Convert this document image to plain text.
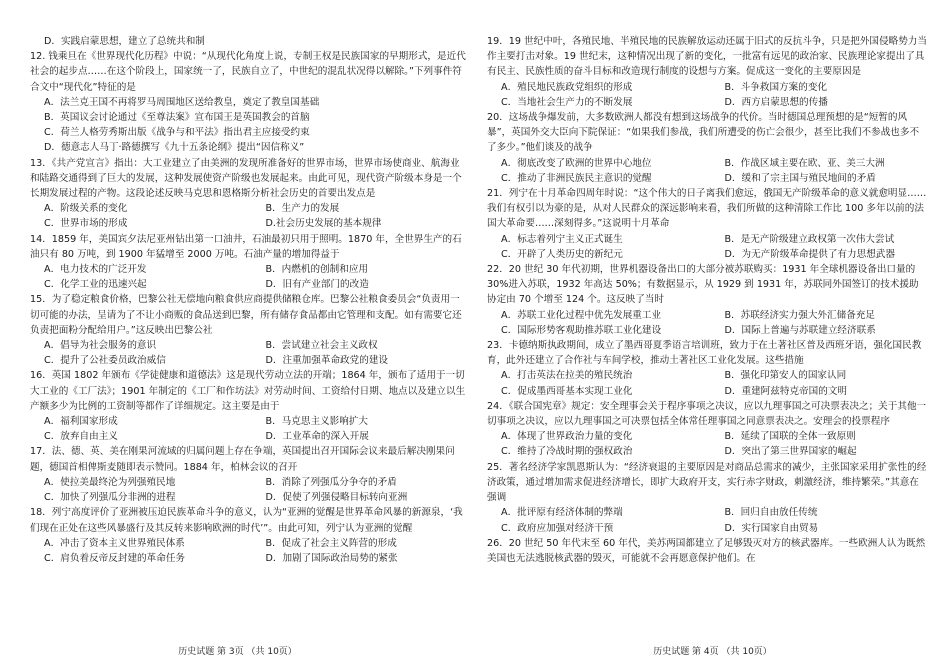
D．实践启蒙思想，建立了总统共和制

12. 钱乘旦在《世界现代化历程》中说：“从现代化角度上说，专制王权是民族国家的早期形式，是近代社会的起步点……在这个阶段上，国家统一了，民族自立了，中世纪的混乱状况得以解除。”下列事件符合文中“现代化”特征的是

A．法兰克王国不再将罗马周围地区送给教皇，奠定了教皇国基础
B．英国议会讨论通过《至尊法案》宣布国王是英国教会的首脑
C．荷兰人格劳秀斯出版《战争与和平法》指出君主应接受约束
D．德意志人马丁·路德撰写《九十五条论纲》提出“因信称义”

13．《共产党宣言》指出：大工业建立了由美洲的发现所准备好的世界市场，世界市场使商业、航海业和陆路交通得到了巨大的发展，这种发展使资产阶级也发展起来。由此可见，现代资产阶级本身是一个长期发展过程的产物。这段论述反映马克思和恩格斯分析社会历史的首要出发点是

A．阶级关系的变化	B．生产力的发展
C．世界市场的形成	D.社会历史发展的基本规律

14．1859 年，美国宾夕法尼亚州钻出第一口油井，石油最初只用于照明。1870 年，全世界生产的石油只有 80 万吨，到 1900 年猛增至 2000 万吨。石油产量的增加得益于

A．电力技术的广泛开发	B．内燃机的创制和应用
C．化学工业的迅速兴起	D．旧有产业部门的改造

15．为了稳定粮食价格，巴黎公社无偿地向粮食供应商提供储粮仓库。巴黎公社粮食委员会“负责用一切可能的办法，呈请为了不让小商贩的食品送到巴黎，所有储存食品都由它管理和支配。如有需要它还负责把面粉分配给用户。”这反映出巴黎公社

A．倡导为社会服务的意识	B．尝试建立社会主义政权
C．提升了公社委员政治威信	D．注重加强革命政党的建设

16．英国 1802 年颁布《学徒健康和道德法》这是现代劳动立法的开端；1864 年，颁布了适用于一切大工业的《工厂法》；1901 年制定的《工厂和作坊法》对劳动时间、工资给付日期、地点以及建立以生产额多少为比例的工资制等都作了详细规定。这主要是由于

A．福利国家形成	B．马克思主义影响扩大
C．放弃自由主义	D．工业革命的深入开展

17．法、德、英、美在刚果河流域的归属问题上存在争端，英国提出召开国际会议来最后解决刚果问题，德国首相俾斯麦随即表示赞同。1884 年，柏林会议的召开

A．使拉美最终沦为列强殖民地	B．消除了列强瓜分争夺的矛盾
C．加快了列强瓜分非洲的进程	D．促使了列强侵略目标转向亚洲

18．列宁高度评价了亚洲被压迫民族革命斗争的意义，认为“亚洲的觉醒是世界革命风暴的新源泉，‘我们现在正处在这些风暴盛行及其反转来影响欧洲的时代’”。由此可知，列宁认为亚洲的觉醒

A．冲击了资本主义世界殖民体系	B．促成了社会主义阵营的形成
C．肩负着反帝反封建的革命任务	D．加剧了国际政治局势的紧张
历史试题 第 3页 （共 10页）

19．19 世纪中叶，各殖民地、半殖民地的民族解放运动还属于旧式的反抗斗争，只是把外国侵略势力当作主要打击对象。19 世纪末，这种情况出现了新的变化，一批富有远见的政治家、民族理论家提出了具有民主、民族性质的奋斗目标和改造现行制度的设想与方案。促成这一变化的主要原因是

A．殖民地民族政党组织的形成	B．斗争救国方案的变化
C．当地社会生产力的不断发展	D．西方启蒙思想的传播

20．这场战争爆发前，大多数欧洲人都没有想到这场战争的代价。当时德国总理预想的是“短暂的风暴”，英国外交大臣向下院保证：“如果我们参战，我们所遭受的伤亡会很少，甚至比我们不参战也多不了多少。”他们谈及的战争

A．彻底改变了欧洲的世界中心地位	B．作战区域主要在欧、亚、美三大洲
C．推动了非洲民族民主意识的觉醒	D．缓和了宗主国与殖民地间的矛盾

21．列宁在十月革命四周年时说：“这个伟大的日子离我们愈远，俄国无产阶级革命的意义就愈明显……我们有权引以为豪的是，从对人民群众的深远影响来看，我们所做的这种清除工作比 100 多年以前的法国大革命要……深刻得多。”这说明十月革命

A．标志着列宁主义正式诞生	B．是无产阶级建立政权第一次伟大尝试
C．开辟了人类历史的新纪元	D．为无产阶级革命提供了有力思想武器

22．20 世纪 30 年代初期，世界机器设备出口的大部分被苏联购买：1931 年全球机器设备出口量的 30%进入苏联，1932 年高达 50%；有数据显示，从 1929 到 1931 年，苏联同外国签订的技术援助协定由 70 个增至 124 个。这反映了当时

A．苏联工业化过程中优先发展重工业	B．苏联经济实力强大外汇储备充足
C．国际形势客观助推苏联工业化建设	D．国际上普遍与苏联建立经济联系

23．卡德纳斯执政期间，成立了墨西哥夏季语言培训班，致力于在土著社区普及西班牙语，强化国民教育，此外还建立了合作社与车间学校，推动土著社区工业化发展。这些措施

A．打击英法在拉美的殖民统治	B．强化印第安人的国家认同
C．促成墨西哥基本实现工业化	D．重建阿兹特克帝国的文明

24．《联合国宪章》规定：安全理事会关于程序事项之决议，应以九理事国之可决票表决之；关于其他一切事项之决议，应以九理事国之可决票包括全体常任理事国之同意票表决之。安理会的投票程序

A．体现了世界政治力量的变化	B．延续了国联的全体一致原则
C．维持了冷战时期的强权政治	D．突出了第三世界国家的崛起

25．著名经济学家凯恩斯认为：“经济衰退的主要原因是对商品总需求的减少，主张国家采用扩张性的经济政策，通过增加需求促进经济增长，即扩大政府开支，实行赤字财政，刺激经济，维持繁荣。”其意在强调

A．批评原有经济体制的弊端	B．回归自由放任传统
C．政府应加强对经济干预	D．实行国家自由贸易

26．20 世纪 50 年代末至 60 年代，美苏两国都建立了足够毁灭对方的核武器库。一些欧洲人认为既然美国也无法逃脱核武器的毁灭，可能就不会再愿意保护他们。在

历史试题 第 4页 （共 10页）
